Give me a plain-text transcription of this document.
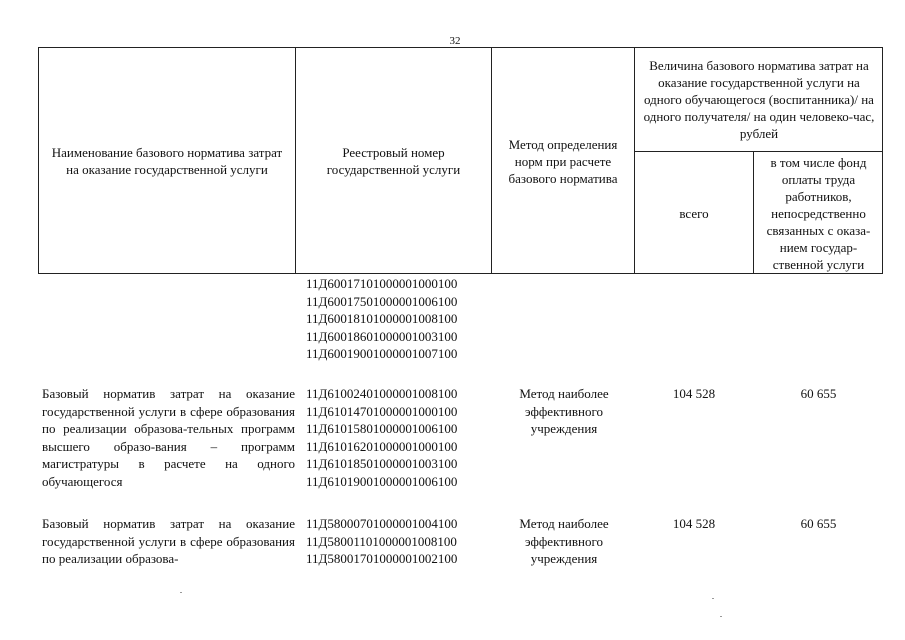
32
Наименование базового норматива затрат на оказание государственной услуги
Реестровый номер государственной услуги
Метод определения норм при расчете базового норматива
Величина базового норматива затрат на оказание государственной услуги на одного обучающегося (воспитанника)/ на одного получателя/ на один человеко-час, рублей
всего
в том числе фонд оплаты труда работников, непосредственно связанных с оказа-нием государ-ственной услуги
11Д60017101000001000100
11Д60017501000001006100
11Д60018101000001008100
11Д60018601000001003100
11Д60019001000001007100
Базовый норматив затрат на оказание государственной услуги в сфере образования по реализации образова-тельных программ высшего образо-вания – программ магистратуры в расчете на одного обучающегося
11Д61002401000001008100
11Д61014701000001000100
11Д61015801000001006100
11Д61016201000001000100
11Д61018501000001003100
11Д61019001000001006100
Метод наиболее эффективного учреждения
104 528	60 655
Базовый норматив затрат на оказание государственной услуги в сфере образования по реализации образова-
11Д58000701000001004100
11Д58001101000001008100
11Д58001701000001002100
Метод наиболее эффективного учреждения
104 528	60 655
